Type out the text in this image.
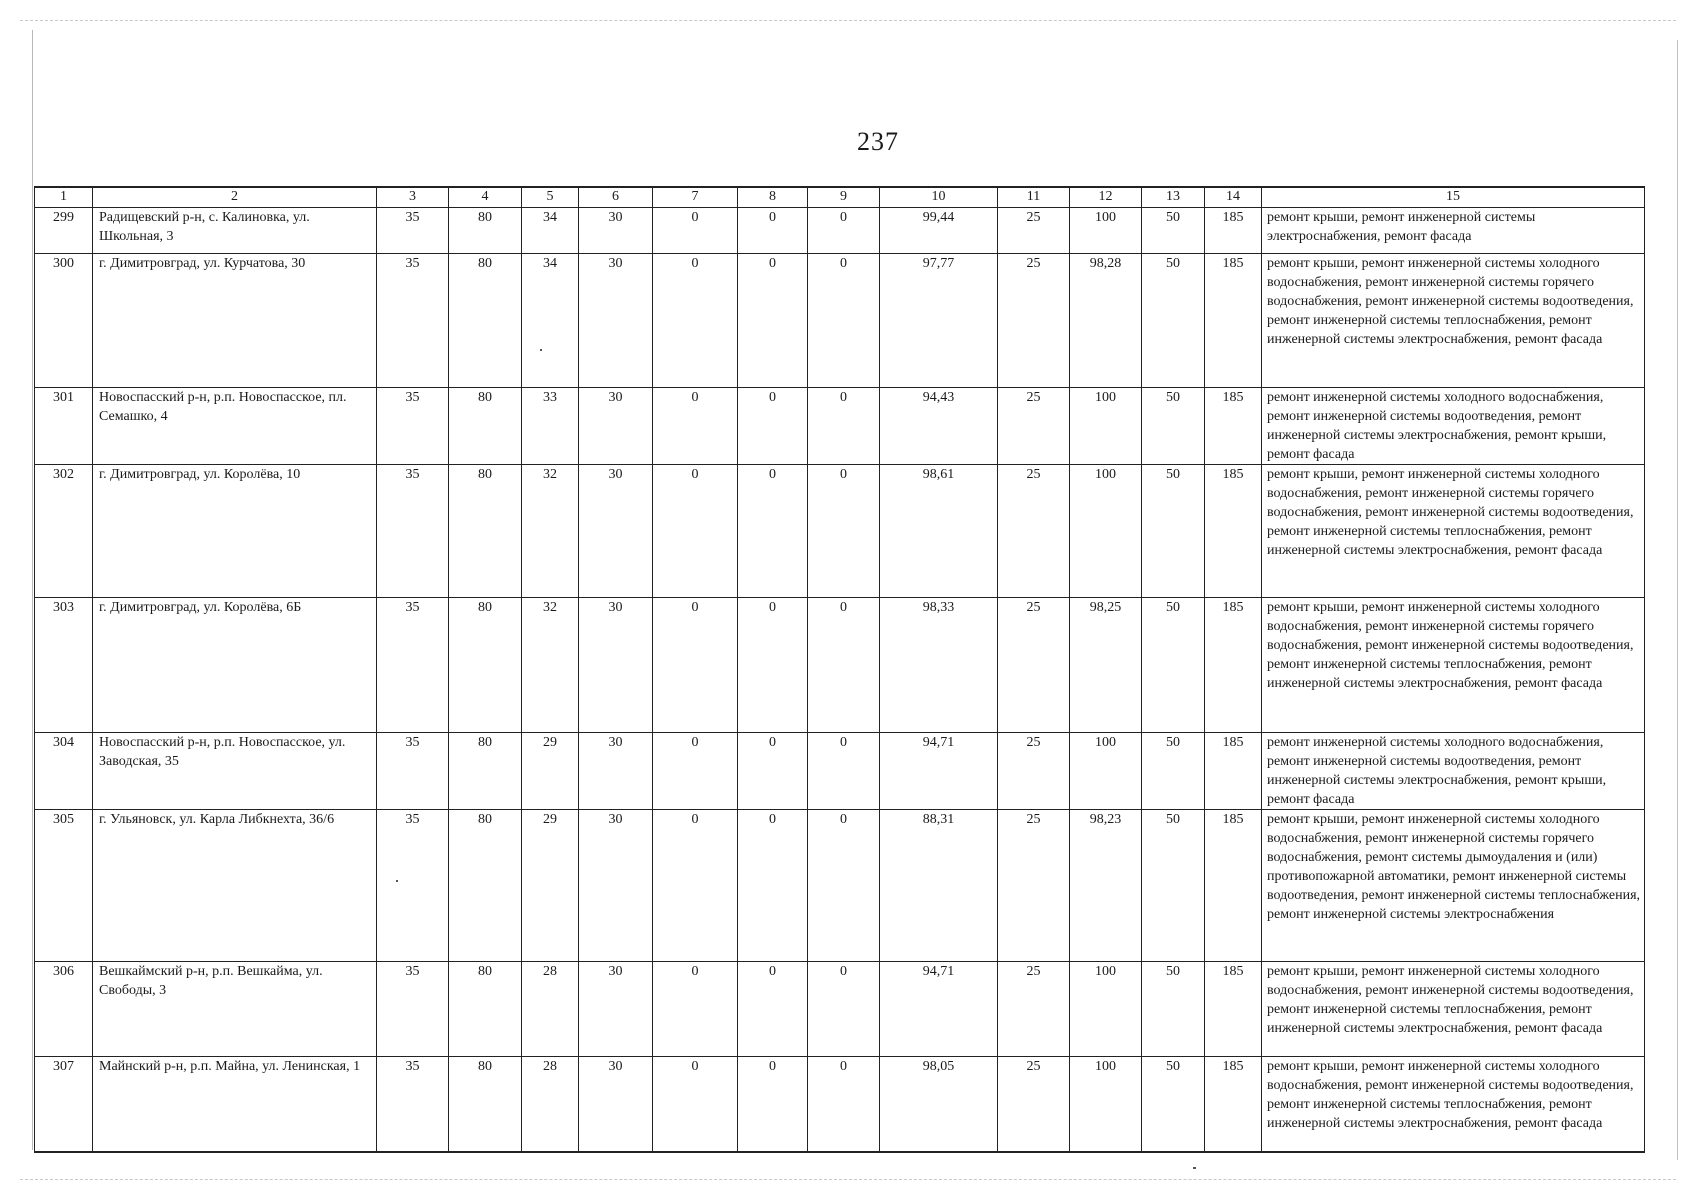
237
1	2	3	4	5	6	7	8	9	10	11	12	13	14	15
299	Радищевский р-н, с. Калиновка, ул. Школьная, 3	35	80	34	30	0	0	0	99,44	25	100	50	185	ремонт крыши, ремонт инженерной системы электроснабжения, ремонт фасада
300	г. Димитровград, ул. Курчатова, 30	35	80	34	30	0	0	0	97,77	25	98,28	50	185	ремонт крыши, ремонт инженерной системы холодного водоснабжения, ремонт инженерной системы горячего водоснабжения, ремонт инженерной системы водоотведения, ремонт инженерной системы теплоснабжения, ремонт инженерной системы электроснабжения, ремонт фасада
301	Новоспасский р-н, р.п. Новоспасское, пл. Семашко, 4	35	80	33	30	0	0	0	94,43	25	100	50	185	ремонт инженерной системы холодного водоснабжения, ремонт инженерной системы водоотведения, ремонт инженерной системы электроснабжения, ремонт крыши, ремонт фасада
302	г. Димитровград, ул. Королёва, 10	35	80	32	30	0	0	0	98,61	25	100	50	185	ремонт крыши, ремонт инженерной системы холодного водоснабжения, ремонт инженерной системы горячего водоснабжения, ремонт инженерной системы водоотведения, ремонт инженерной системы теплоснабжения, ремонт инженерной системы электроснабжения, ремонт фасада
303	г. Димитровград, ул. Королёва, 6Б	35	80	32	30	0	0	0	98,33	25	98,25	50	185	ремонт крыши, ремонт инженерной системы холодного водоснабжения, ремонт инженерной системы горячего водоснабжения, ремонт инженерной системы водоотведения, ремонт инженерной системы теплоснабжения, ремонт инженерной системы электроснабжения, ремонт фасада
304	Новоспасский р-н, р.п. Новоспасское, ул. Заводская, 35	35	80	29	30	0	0	0	94,71	25	100	50	185	ремонт инженерной системы холодного водоснабжения, ремонт инженерной системы водоотведения, ремонт инженерной системы электроснабжения, ремонт крыши, ремонт фасада
305	г. Ульяновск, ул. Карла Либкнехта, 36/6	35	80	29	30	0	0	0	88,31	25	98,23	50	185	ремонт крыши, ремонт инженерной системы холодного водоснабжения, ремонт инженерной системы горячего водоснабжения, ремонт системы дымоудаления и (или) противопожарной автоматики, ремонт инженерной системы водоотведения, ремонт инженерной системы теплоснабжения, ремонт инженерной системы электроснабжения
306	Вешкаймский р-н, р.п. Вешкайма, ул. Свободы, 3	35	80	28	30	0	0	0	94,71	25	100	50	185	ремонт крыши, ремонт инженерной системы холодного водоснабжения, ремонт инженерной системы водоотведения, ремонт инженерной системы теплоснабжения, ремонт инженерной системы электроснабжения, ремонт фасада
307	Майнский р-н, р.п. Майна, ул. Ленинская, 1	35	80	28	30	0	0	0	98,05	25	100	50	185	ремонт крыши, ремонт инженерной системы холодного водоснабжения, ремонт инженерной системы водоотведения, ремонт инженерной системы теплоснабжения, ремонт инженерной системы электроснабжения, ремонт фасада
